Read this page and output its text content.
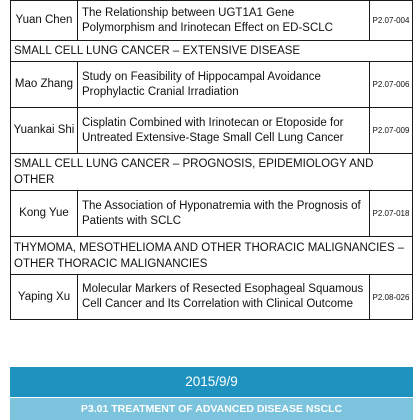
Yuan Chen	The Relationship between UGT1A1 Gene Polymorphism and Irinotecan Effect on ED-SCLC	P2.07-004
SMALL CELL LUNG CANCER – EXTENSIVE DISEASE		
Mao Zhang	Study on Feasibility of Hippocampal Avoidance Prophylactic Cranial Irradiation	P2.07-006
Yuankai Shi	Cisplatin Combined with Irinotecan or Etoposide for Untreated Extensive-Stage Small Cell Lung Cancer	P2.07-009
SMALL CELL LUNG CANCER – PROGNOSIS, EPIDEMIOLOGY AND OTHER		
Kong Yue	The Association of Hyponatremia with the Prognosis of Patients with SCLC	P2.07-018
THYMOMA, MESOTHELIOMA AND OTHER THORACIC MALIGNANCIES – OTHER THORACIC MALIGNANCIES		
Yaping Xu	Molecular Markers of Resected Esophageal Squamous Cell Cancer and Its Correlation with Clinical Outcome	P2.08-026
2015/9/9
P3.01 TREATMENT OF ADVANCED DISEASE NSCLC
